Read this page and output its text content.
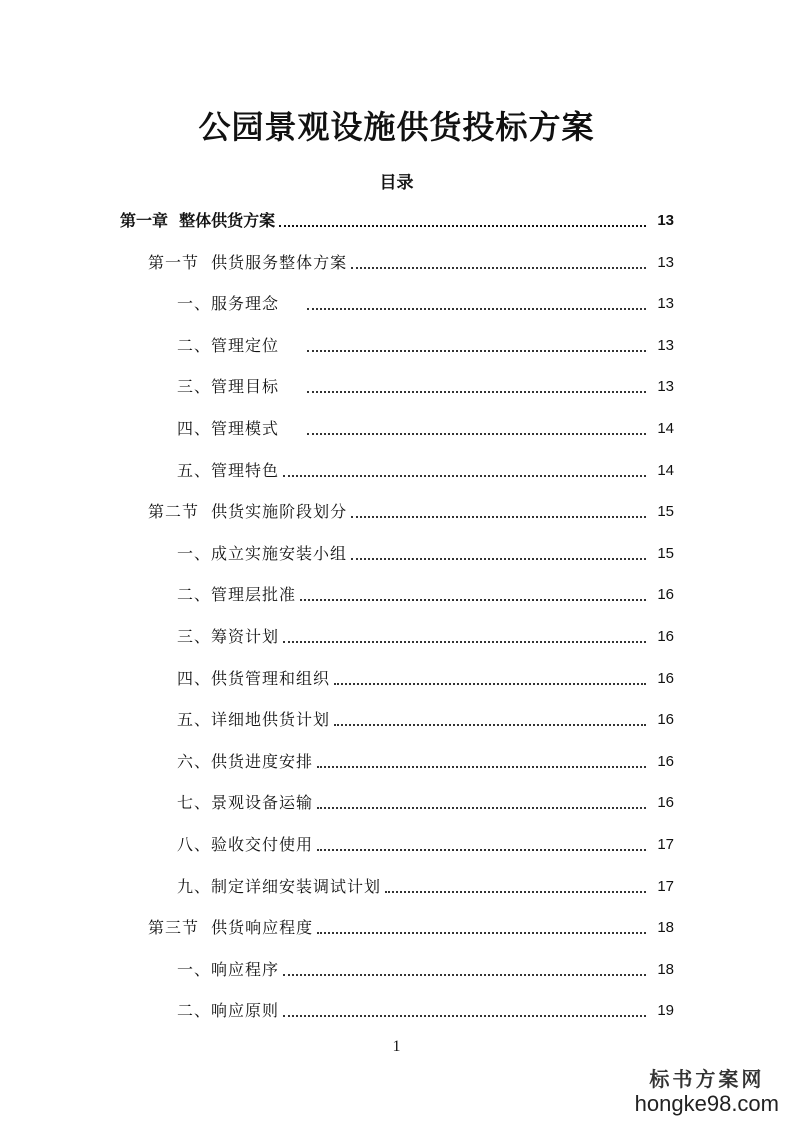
公园景观设施供货投标方案
目录
第一章  整体供货方案	13
第一节  供货服务整体方案	13
一、服务理念	13
二、管理定位	13
三、管理目标	13
四、管理模式	14
五、管理特色	14
第二节  供货实施阶段划分	15
一、成立实施安装小组	15
二、管理层批准	16
三、筹资计划	16
四、供货管理和组织	16
五、详细地供货计划	16
六、供货进度安排	16
七、景观设备运输	16
八、验收交付使用	17
九、制定详细安装调试计划	17
第三节  供货响应程度	18
一、响应程序	18
二、响应原则	19
1
标书方案网
hongke98.com
